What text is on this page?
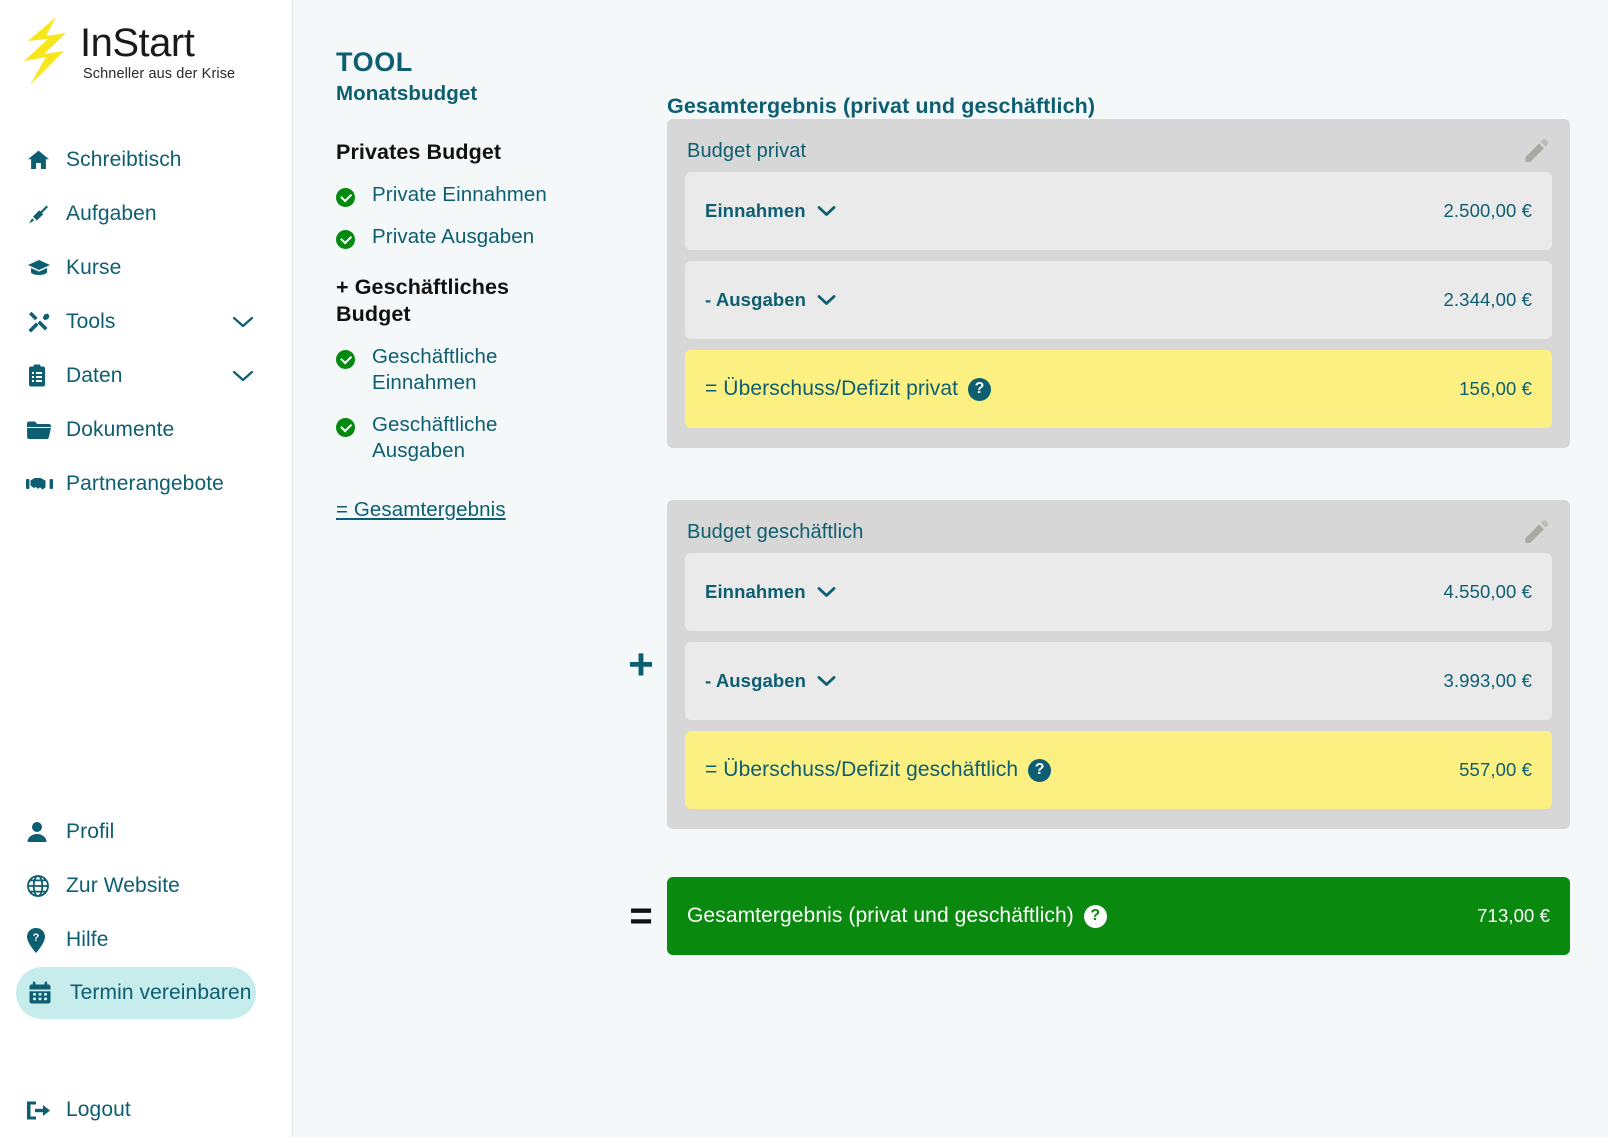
InStart
Schneller aus der Krise
Schreibtisch
Aufgaben
Kurse
Tools
Daten
Dokumente
Partnerangebote
Profil
Zur Website
? Hilfe
Termin vereinbaren
Logout
TOOL
Monatsbudget
Privates Budget
Private Einnahmen
Private Ausgaben
+ Geschäftliches Budget
Geschäftliche Einnahmen
Geschäftliche Ausgaben
= Gesamtergebnis
Gesamtergebnis (privat und geschäftlich)
Budget privat
Einnahmen	2.500,00 €
- Ausgaben	2.344,00 €
= Überschuss/Defizit privat	?	156,00 €
+
Budget geschäftlich
Einnahmen	4.550,00 €
- Ausgaben	3.993,00 €
= Überschuss/Defizit geschäftlich	?	557,00 €
=	Gesamtergebnis (privat und geschäftlich)	?	713,00 €
